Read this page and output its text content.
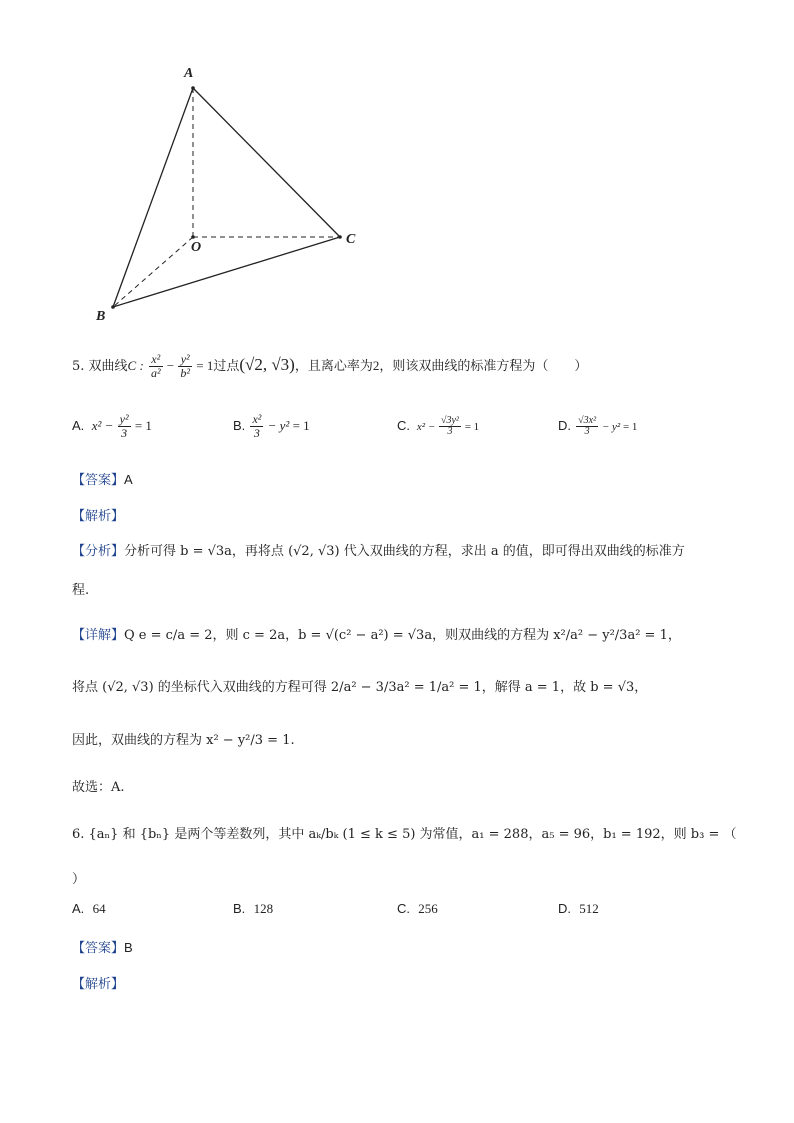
A
O
C
B
5. 双曲线C : $\frac{\text{x²}}{\text{a²}} - \frac{\text{y²}}{\text{b²}} = 1$过点(√2, √3)，且离心率为2，则该双曲线的标准方程为（　　）
A.  $x^2 - \frac{\text{y²}}{3} = 1$	B. $\frac{\text{x²}}{3} - y^2 = 1$	C.  $x^2 - \frac{\text{√3y²}}{3} = 1$	D. $\frac{\text{√3x²}}{3} - y^2 = 1$
【答案】A
【解析】
【分析】分析可得 b = √3a，再将点 (√2, √3) 代入双曲线的方程，求出 a 的值，即可得出双曲线的标准方
程.
【详解】Q e = c/a = 2，则 c = 2a，b = √(c² − a²) = √3a，则双曲线的方程为 x²/a² − y²/3a² = 1，
将点 (√2, √3) 的坐标代入双曲线的方程可得 2/a² − 3/3a² = 1/a² = 1，解得 a = 1，故 b = √3，
因此，双曲线的方程为 x² − y²/3 = 1.
故选：A.
6. {aₙ} 和 {bₙ} 是两个等差数列，其中 aₖ/bₖ (1 ≤ k ≤ 5) 为常值，a₁ = 288，a₅ = 96，b₁ = 192，则 b₃ = （
）
A. 64	B. 128	C. 256	D. 512
【答案】B
【解析】
